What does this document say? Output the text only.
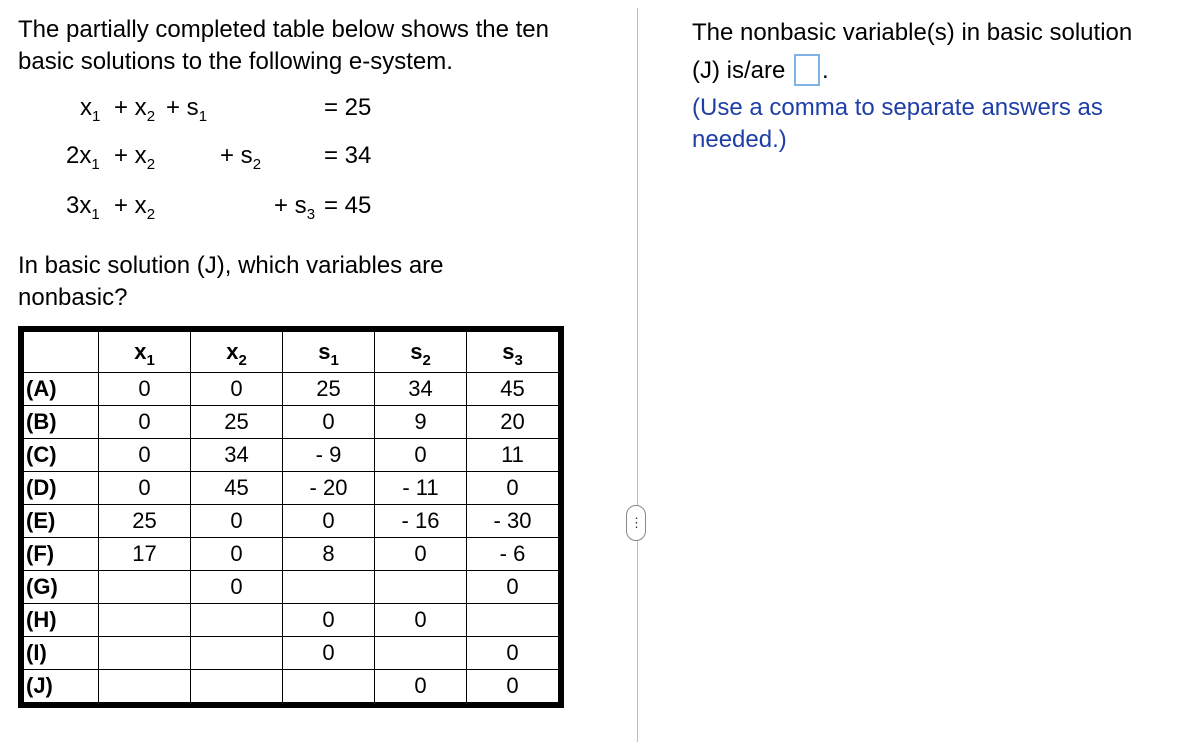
The partially completed table below shows the ten basic solutions to the following e-system.

$x_1 + x_2 + s_1$	= 25
$2x_1 + x_2$	+ $s_2$	= 34
$3x_1 + x_2$	+ $s_3 = 45$

In basic solution (J), which variables are nonbasic?

	$x_1$	$x_2$	$s_1$	$s_2$	$s_3$
(A)	0	0	25	34	45
(B)	0	25	0	9	20
(C)	0	34	- 9	0	11
(D)	0	45	- 20	- 11	0
(E)	25	0	0	- 16	- 30
(F)	17	0	8	0	- 6
(G)		0			0
(H)			0	0	
(I)			0		0
(J)				0	0
⋮
The nonbasic variable(s) in basic solution (J) is/are .
(Use a comma to separate answers as needed.)
